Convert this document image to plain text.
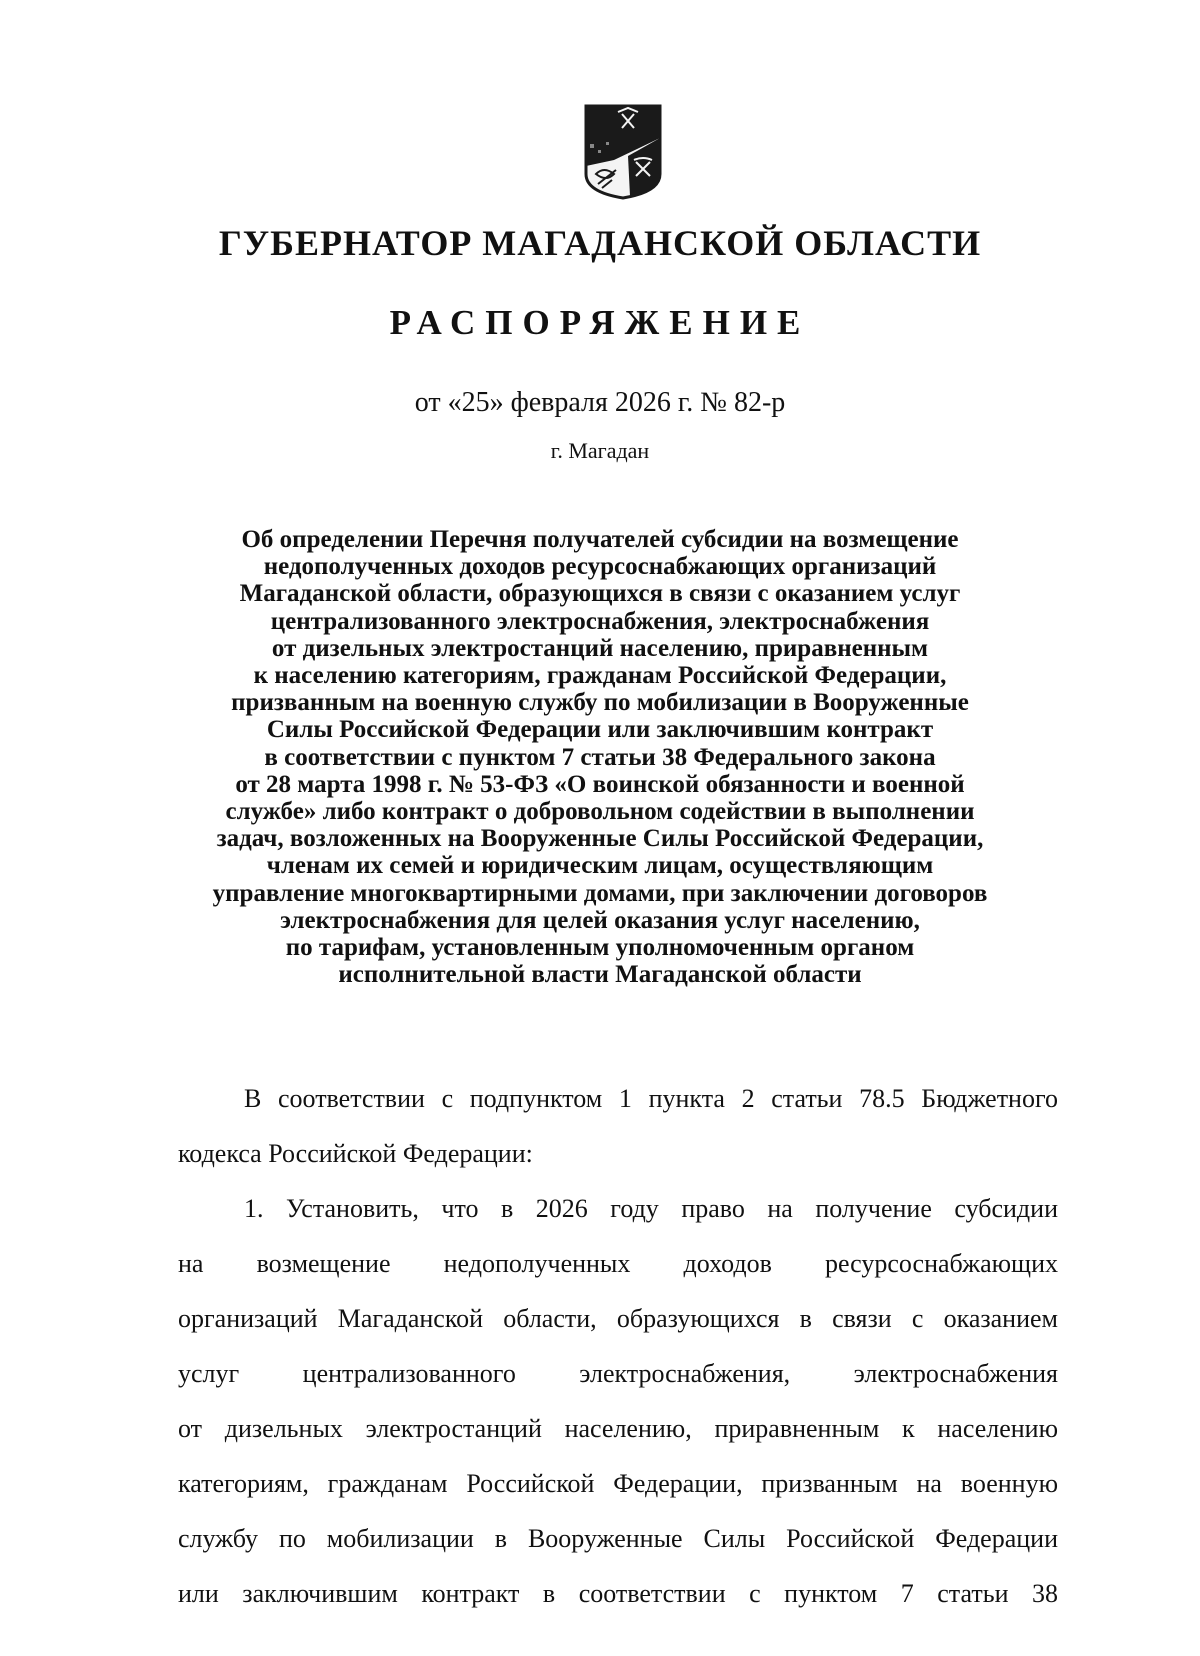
ГУБЕРНАТОР МАГАДАНСКОЙ ОБЛАСТИ
РАСПОРЯЖЕНИЕ
от «25» февраля 2026 г. № 82-р
г. Магадан
Об определении Перечня получателей субсидии на возмещение
недополученных доходов ресурсоснабжающих организаций
Магаданской области, образующихся в связи с оказанием услуг
централизованного электроснабжения, электроснабжения
от дизельных электростанций населению, приравненным
к населению категориям, гражданам Российской Федерации,
призванным на военную службу по мобилизации в Вооруженные
Силы Российской Федерации или заключившим контракт
в соответствии с пунктом 7 статьи 38 Федерального закона
от 28 марта 1998 г. № 53-ФЗ «О воинской обязанности и военной
службе» либо контракт о добровольном содействии в выполнении
задач, возложенных на Вооруженные Силы Российской Федерации,
членам их семей и юридическим лицам, осуществляющим
управление многоквартирными домами, при заключении договоров
электроснабжения для целей оказания услуг населению,
по тарифам, установленным уполномоченным органом
исполнительной власти Магаданской области
В соответствии с подпунктом 1 пункта 2 статьи 78.5 Бюджетного
кодекса Российской Федерации:
1. Установить, что в 2026 году право на получение субсидии
на возмещение недополученных доходов ресурсоснабжающих
организаций Магаданской области, образующихся в связи с оказанием
услуг централизованного электроснабжения, электроснабжения
от дизельных электростанций населению, приравненным к населению
категориям, гражданам Российской Федерации, призванным на военную
службу по мобилизации в Вооруженные Силы Российской Федерации
или заключившим контракт в соответствии с пунктом 7 статьи 38
